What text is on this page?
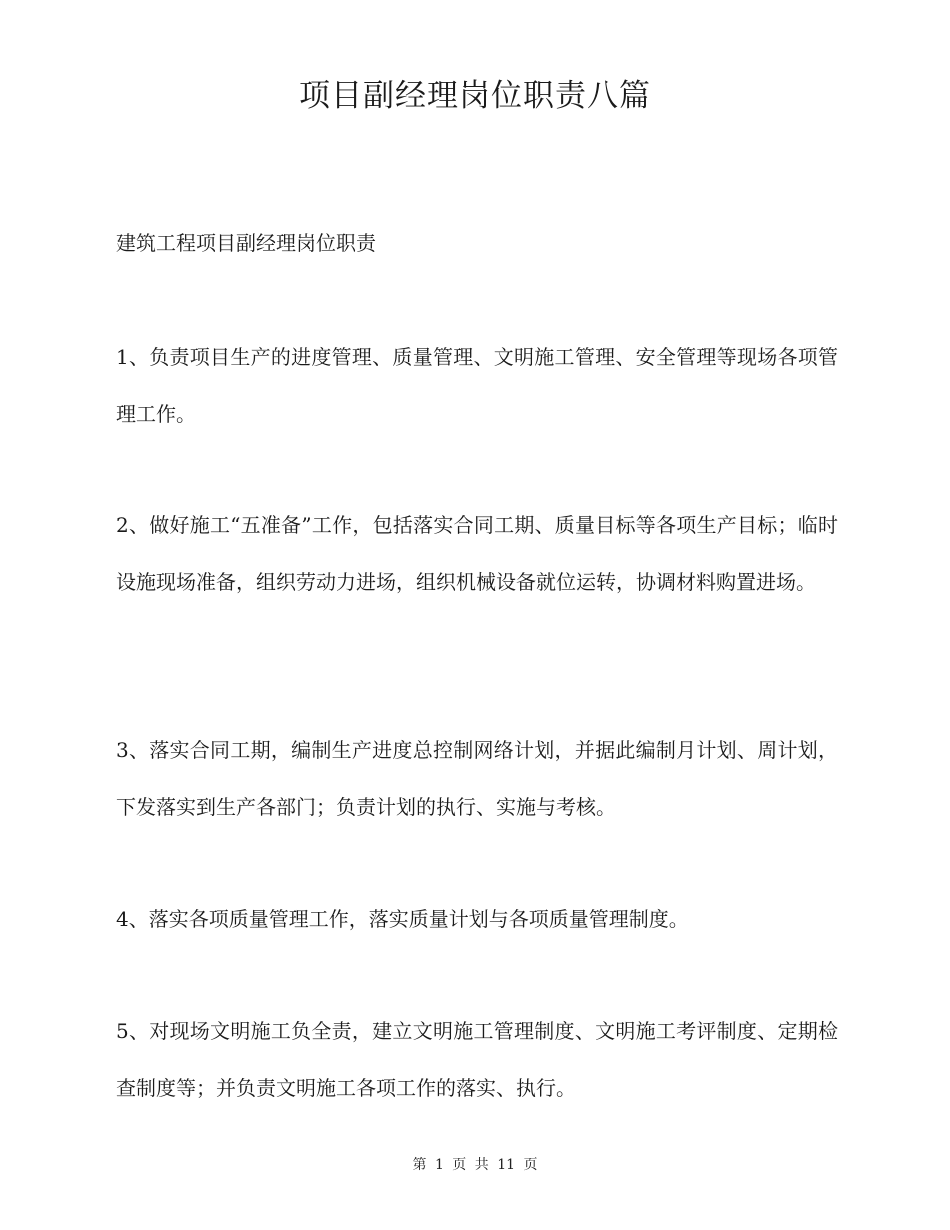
项目副经理岗位职责八篇

建筑工程项目副经理岗位职责

1、负责项目生产的进度管理、质量管理、文明施工管理、安全管理等现场各项管理工作。

2、做好施工“五准备”工作，包括落实合同工期、质量目标等各项生产目标；临时设施现场准备，组织劳动力进场，组织机械设备就位运转，协调材料购置进场。

3、落实合同工期，编制生产进度总控制网络计划，并据此编制月计划、周计划，下发落实到生产各部门；负责计划的执行、实施与考核。

4、落实各项质量管理工作，落实质量计划与各项质量管理制度。

5、对现场文明施工负全责，建立文明施工管理制度、文明施工考评制度、定期检查制度等；并负责文明施工各项工作的落实、执行。

第 1 页 共 11 页
